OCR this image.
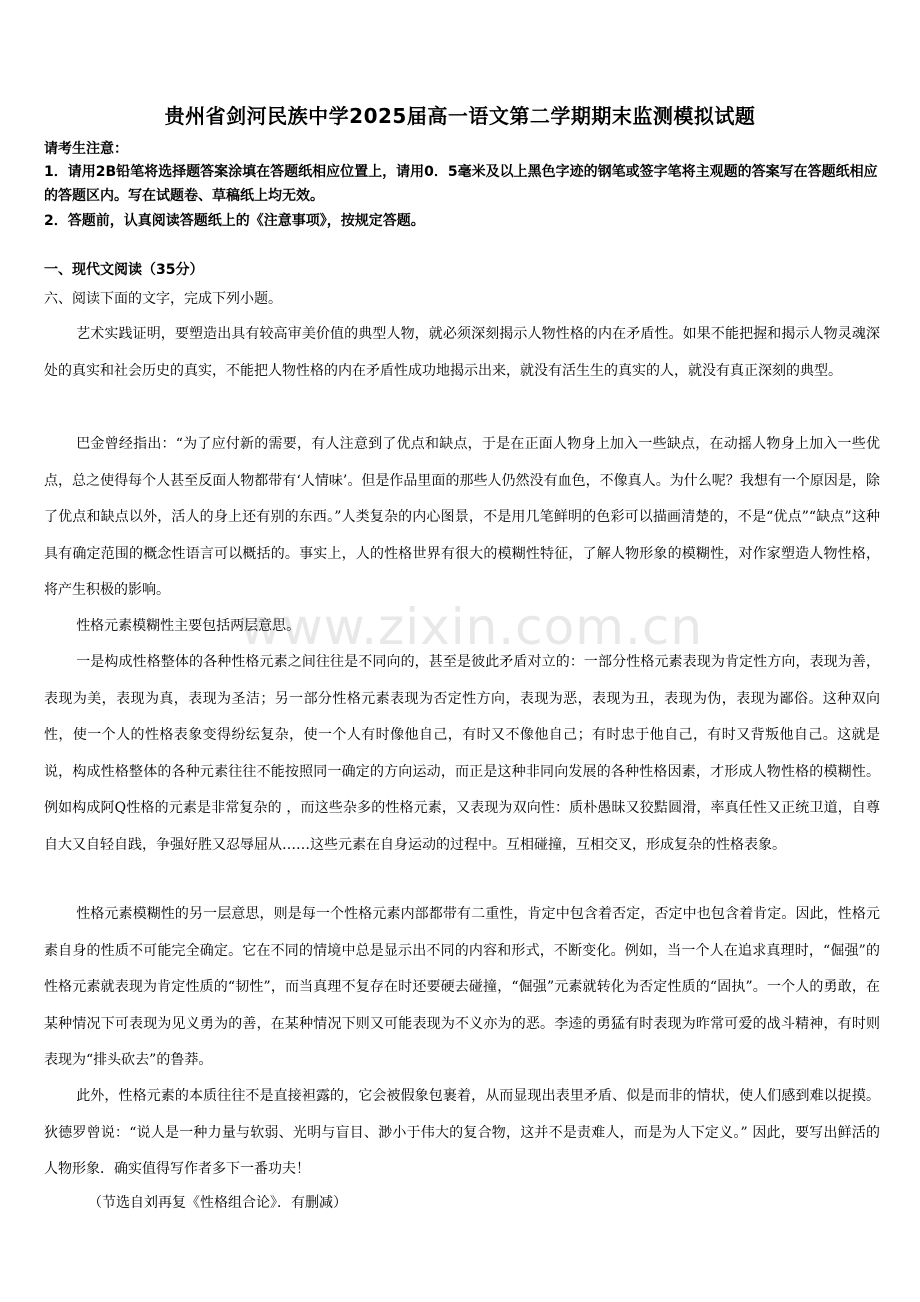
www.zixin.com.cn
贵州省剑河民族中学2025届高一语文第二学期期末监测模拟试题
请考生注意：
1．请用2B铅笔将选择题答案涂填在答题纸相应位置上，请用0．5毫米及以上黑色字迹的钢笔或签字笔将主观题的答案写在答题纸相应的答题区内。写在试题卷、草稿纸上均无效。
2．答题前，认真阅读答题纸上的《注意事项》，按规定答题。
一、现代文阅读（35分）
六、阅读下面的文字，完成下列小题。
艺术实践证明，要塑造出具有较高审美价值的典型人物，就必须深刻揭示人物性格的内在矛盾性。如果不能把握和揭示人物灵魂深处的真实和社会历史的真实，不能把人物性格的内在矛盾性成功地揭示出来，就没有活生生的真实的人，就没有真正深刻的典型。
巴金曾经指出：“为了应付新的需要，有人注意到了优点和缺点，于是在正面人物身上加入一些缺点，在动摇人物身上加入一些优点，总之使得每个人甚至反面人物都带有‘人情味’。但是作品里面的那些人仍然没有血色，不像真人。为什么呢？我想有一个原因是，除了优点和缺点以外，活人的身上还有别的东西。”人类复杂的内心图景，不是用几笔鲜明的色彩可以描画清楚的，不是“优点”“缺点”这种具有确定范围的概念性语言可以概括的。事实上，人的性格世界有很大的模糊性特征，了解人物形象的模糊性，对作家塑造人物性格，将产生积极的影响。
性格元素模糊性主要包括两层意思。
一是构成性格整体的各种性格元素之间往往是不同向的，甚至是彼此矛盾对立的：一部分性格元素表现为肯定性方向，表现为善，表现为美，表现为真，表现为圣洁；另一部分性格元素表现为否定性方向，表现为恶，表现为丑，表现为伪，表现为鄙俗。这种双向性，使一个人的性格表象变得纷纭复杂，使一个人有时像他自己，有时又不像他自己；有时忠于他自己，有时又背叛他自己。这就是说，构成性格整体的各种元素往往不能按照同一确定的方向运动，而正是这种非同向发展的各种性格因素，才形成人物性格的模糊性。例如构成阿Q性格的元素是非常复杂的 ，而这些杂多的性格元素，又表现为双向性：质朴愚昧又狡黠圆滑，率真任性又正统卫道，自尊自大又自轻自践，争强好胜又忍辱屈从……这些元素在自身运动的过程中。互相碰撞，互相交叉，形成复杂的性格表象。
性格元素模糊性的另一层意思，则是每一个性格元素内部都带有二重性，肯定中包含着否定，否定中也包含着肯定。因此，性格元素自身的性质不可能完全确定。它在不同的情境中总是显示出不同的内容和形式，不断变化。例如，当一个人在追求真理时，“倔强”的性格元素就表现为肯定性质的“韧性”，而当真理不复存在时还要硬去碰撞，“倔强”元素就转化为否定性质的“固执”。一个人的勇敢，在某种情况下可表现为见义勇为的善，在某种情况下则又可能表现为不义亦为的恶。李逵的勇猛有时表现为昨常可爱的战斗精神，有时则表现为“排头砍去”的鲁莽。
此外，性格元素的本质往往不是直接袒露的，它会被假象包裹着，从而显现出表里矛盾、似是而非的情状，使人们感到难以捉摸。狄德罗曾说：“说人是一种力量与软弱、光明与盲目、渺小于伟大的复合物，这并不是责难人，而是为人下定义。” 因此，要写出鲜活的人物形象．确实值得写作者多下一番功夫！
（节选自刘再复《性格组合论》．有删减）
